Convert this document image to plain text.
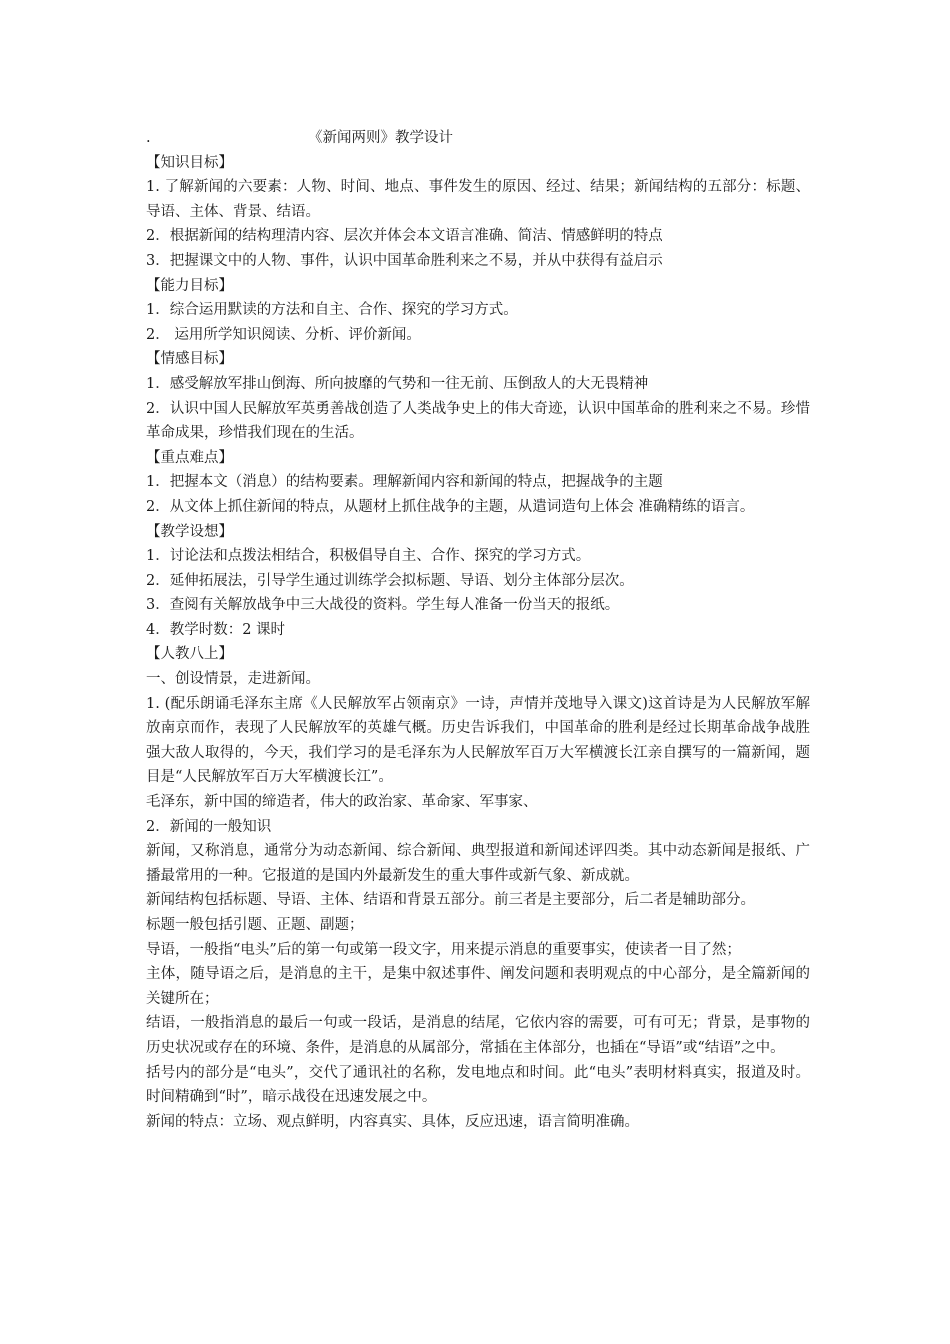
.	《新闻两则》教学设计

【知识目标】

1. 了解新闻的六要素：人物、时间、地点、事件发生的原因、经过、结果；新闻结构的五部分：标题、导语、主体、背景、结语。

2．根据新闻的结构理清内容、层次并体会本文语言准确、简洁、情感鲜明的特点

3．把握课文中的人物、事件，认识中国革命胜利来之不易，并从中获得有益启示

【能力目标】

1．综合运用默读的方法和自主、合作、探究的学习方式。

2． 运用所学知识阅读、分析、评价新闻。

【情感目标】

1．感受解放军排山倒海、所向披靡的气势和一往无前、压倒敌人的大无畏精神

2．认识中国人民解放军英勇善战创造了人类战争史上的伟大奇迹，认识中国革命的胜利来之不易。珍惜革命成果，珍惜我们现在的生活。

【重点难点】

1．把握本文（消息）的结构要素。理解新闻内容和新闻的特点，把握战争的主题

2．从文体上抓住新闻的特点，从题材上抓住战争的主题，从遣词造句上体会 准确精练的语言。

【教学设想】

1．讨论法和点拨法相结合，积极倡导自主、合作、探究的学习方式。

2．延伸拓展法，引导学生通过训练学会拟标题、导语、划分主体部分层次。

3．查阅有关解放战争中三大战役的资料。学生每人准备一份当天的报纸。

4．教学时数：2 课时

【人教八上】

一、创设情景，走进新闻。

1. (配乐朗诵毛泽东主席《人民解放军占领南京》一诗，声情并茂地导入课文)这首诗是为人民解放军解放南京而作，表现了人民解放军的英雄气概。历史告诉我们，中国革命的胜利是经过长期革命战争战胜强大敌人取得的，今天，我们学习的是毛泽东为人民解放军百万大军横渡长江亲自撰写的一篇新闻，题目是“人民解放军百万大军横渡长江”。

毛泽东，新中国的缔造者，伟大的政治家、革命家、军事家、

2．新闻的一般知识

新闻，又称消息，通常分为动态新闻、综合新闻、典型报道和新闻述评四类。其中动态新闻是报纸、广播最常用的一种。它报道的是国内外最新发生的重大事件或新气象、新成就。

新闻结构包括标题、导语、主体、结语和背景五部分。前三者是主要部分，后二者是辅助部分。

标题一般包括引题、正题、副题；

导语，一般指“电头”后的第一句或第一段文字，用来提示消息的重要事实，使读者一目了然；

主体，随导语之后，是消息的主干，是集中叙述事件、阐发问题和表明观点的中心部分，是全篇新闻的关键所在；

结语，一般指消息的最后一句或一段话，是消息的结尾，它依内容的需要，可有可无；背景，是事物的历史状况或存在的环境、条件，是消息的从属部分，常插在主体部分，也插在“导语”或“结语”之中。

括号内的部分是“电头”，交代了通讯社的名称，发电地点和时间。此“电头”表明材料真实，报道及时。时间精确到“时”，暗示战役在迅速发展之中。

新闻的特点：立场、观点鲜明，内容真实、具体，反应迅速，语言简明准确。
